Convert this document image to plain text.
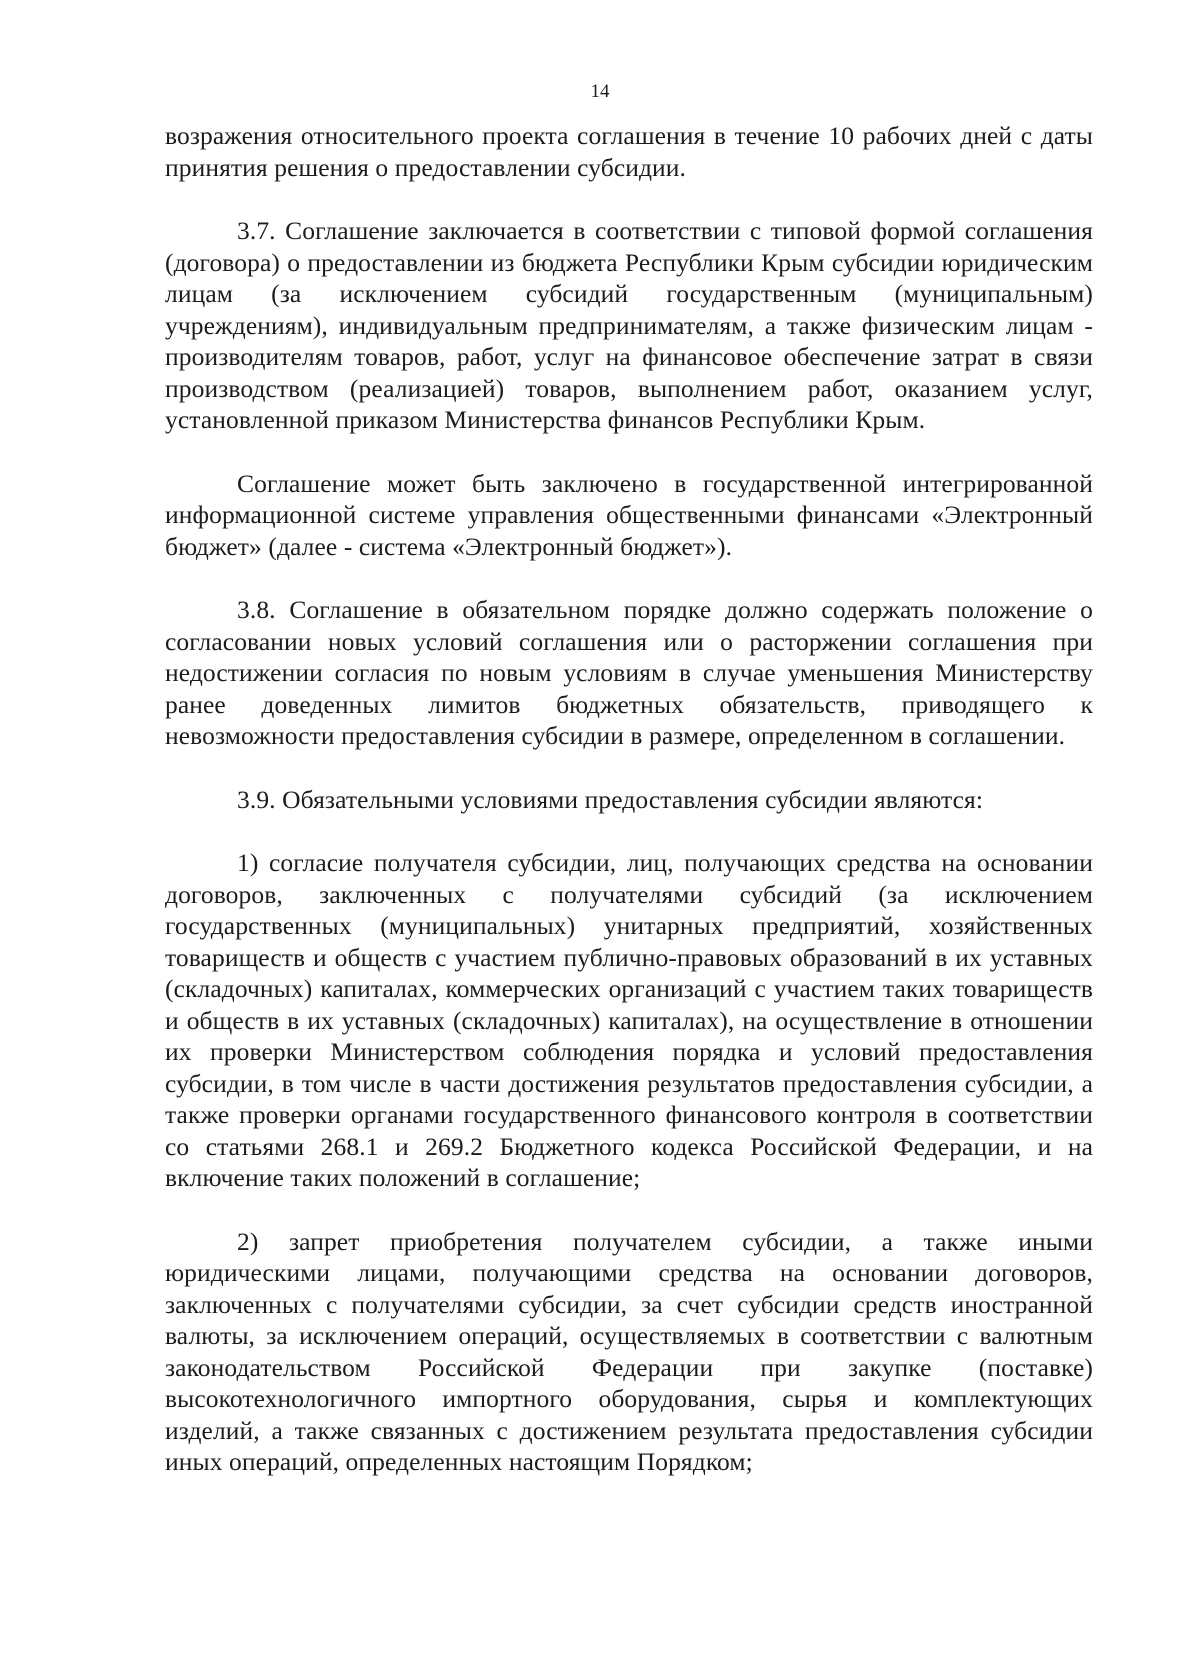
14

возражения относительного проекта соглашения в течение 10 рабочих дней с даты принятия решения о предоставлении субсидии.

3.7. Соглашение заключается в соответствии с типовой формой соглашения (договора) о предоставлении из бюджета Республики Крым субсидии юридическим лицам (за исключением субсидий государственным (муниципальным) учреждениям), индивидуальным предпринимателям, а также физическим лицам - производителям товаров, работ, услуг на финансовое обеспечение затрат в связи производством (реализацией) товаров, выполнением работ, оказанием услуг, установленной приказом Министерства финансов Республики Крым.

Соглашение может быть заключено в государственной интегрированной информационной системе управления общественными финансами «Электронный бюджет» (далее - система «Электронный бюджет»).

3.8. Соглашение в обязательном порядке должно содержать положение о согласовании новых условий соглашения или о расторжении соглашения при недостижении согласия по новым условиям в случае уменьшения Министерству ранее доведенных лимитов бюджетных обязательств, приводящего к невозможности предоставления субсидии в размере, определенном в соглашении.

3.9. Обязательными условиями предоставления субсидии являются:

1) согласие получателя субсидии, лиц, получающих средства на основании договоров, заключенных с получателями субсидий (за исключением государственных (муниципальных) унитарных предприятий, хозяйственных товариществ и обществ с участием публично-правовых образований в их уставных (складочных) капиталах, коммерческих организаций с участием таких товариществ и обществ в их уставных (складочных) капиталах), на осуществление в отношении их проверки Министерством соблюдения порядка и условий предоставления субсидии, в том числе в части достижения результатов предоставления субсидии, а также проверки органами государственного финансового контроля в соответствии со статьями 268.1 и 269.2 Бюджетного кодекса Российской Федерации, и на включение таких положений в соглашение;

2) запрет приобретения получателем субсидии, а также иными юридическими лицами, получающими средства на основании договоров, заключенных с получателями субсидии, за счет субсидии средств иностранной валюты, за исключением операций, осуществляемых в соответствии с валютным законодательством Российской Федерации при закупке (поставке) высокотехнологичного импортного оборудования, сырья и комплектующих изделий, а также связанных с достижением результата предоставления субсидии иных операций, определенных настоящим Порядком;
